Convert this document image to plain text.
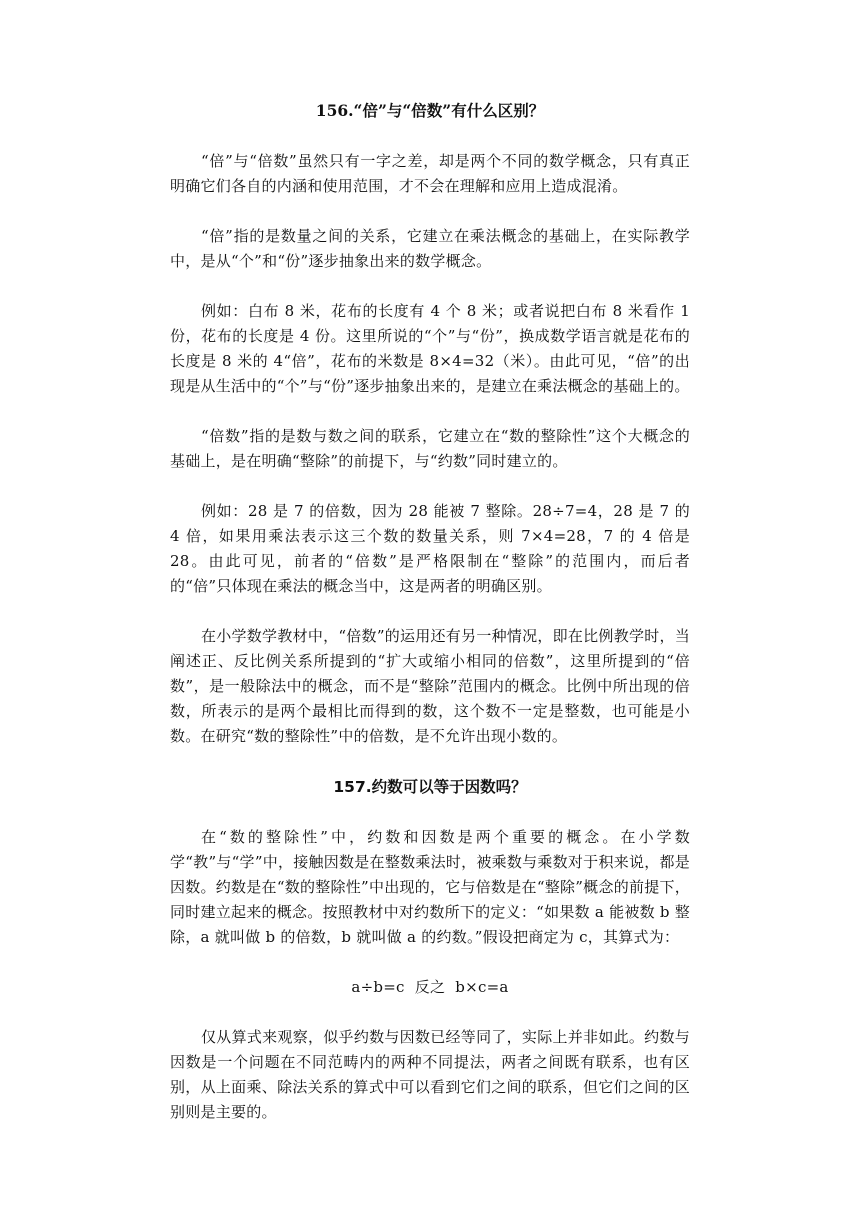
156.“倍”与“倍数”有什么区别？

“倍”与“倍数”虽然只有一字之差，却是两个不同的数学概念，只有真正明确它们各自的内涵和使用范围，才不会在理解和应用上造成混淆。

“倍”指的是数量之间的关系，它建立在乘法概念的基础上，在实际教学中，是从“个”和“份”逐步抽象出来的数学概念。

例如：白布 8 米，花布的长度有 4 个 8 米；或者说把白布 8 米看作 1 份，花布的长度是 4 份。这里所说的“个”与“份”，换成数学语言就是花布的长度是 8 米的 4“倍”，花布的米数是 8×4=32（米）。由此可见，“倍”的出现是从生活中的“个”与“份”逐步抽象出来的，是建立在乘法概念的基础上的。

“倍数”指的是数与数之间的联系，它建立在“数的整除性”这个大概念的基础上，是在明确“整除”的前提下，与“约数”同时建立的。

例如：28 是 7 的倍数，因为 28 能被 7 整除。28÷7=4，28 是 7 的 4 倍，如果用乘法表示这三个数的数量关系，则 7×4=28，7 的 4 倍是 28。由此可见，前者的“倍数”是严格限制在“整除”的范围内，而后者的“倍”只体现在乘法的概念当中，这是两者的明确区别。

在小学数学教材中，“倍数”的运用还有另一种情况，即在比例教学时，当阐述正、反比例关系所提到的“扩大或缩小相同的倍数”，这里所提到的“倍数”，是一般除法中的概念，而不是“整除”范围内的概念。比例中所出现的倍数，所表示的是两个最相比而得到的数，这个数不一定是整数，也可能是小数。在研究“数的整除性”中的倍数，是不允许出现小数的。

157.约数可以等于因数吗？

在“数的整除性”中，约数和因数是两个重要的概念。在小学数学“教”与“学”中，接触因数是在整数乘法时，被乘数与乘数对于积来说，都是因数。约数是在“数的整除性”中出现的，它与倍数是在“整除”概念的前提下，同时建立起来的概念。按照教材中对约数所下的定义：“如果数 a 能被数 b 整除，a 就叫做 b 的倍数，b 就叫做 a 的约数。”假设把商定为 c，其算式为：

a÷b=c  反之  b×c=a

仅从算式来观察，似乎约数与因数已经等同了，实际上并非如此。约数与因数是一个问题在不同范畴内的两种不同提法，两者之间既有联系，也有区别，从上面乘、除法关系的算式中可以看到它们之间的联系，但它们之间的区别则是主要的。
